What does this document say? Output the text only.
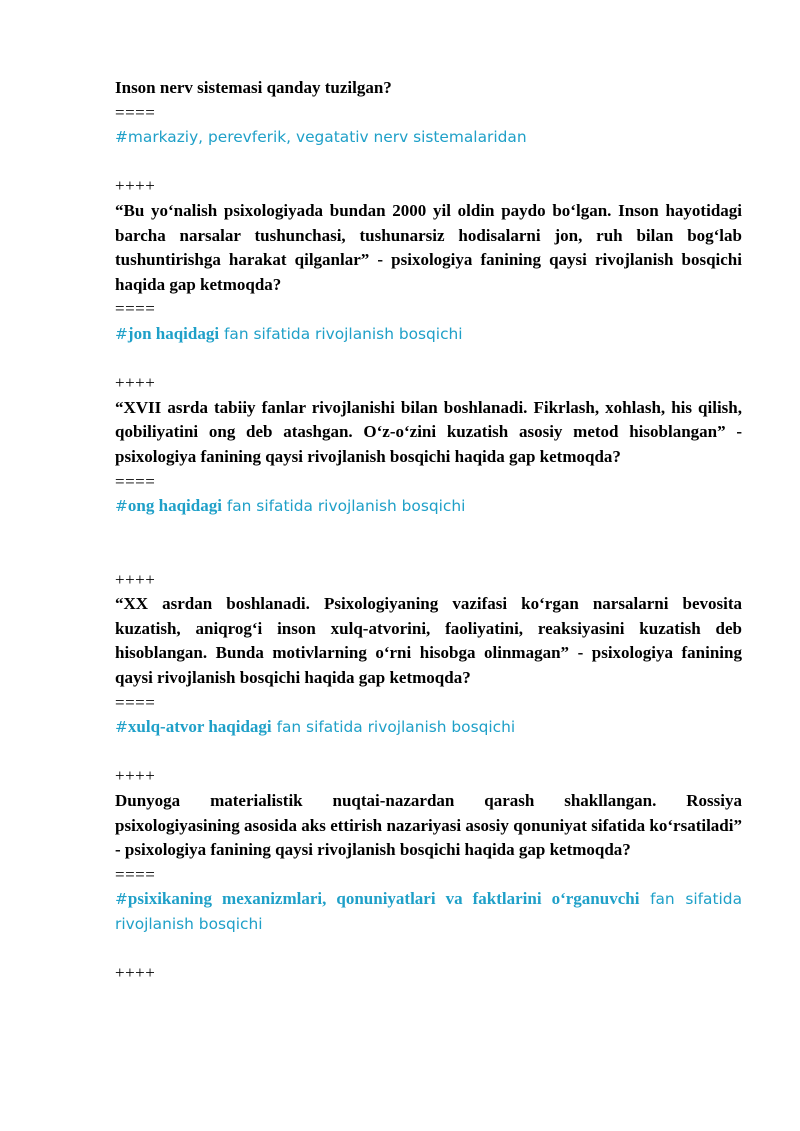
Inson nerv sistemasi qanday tuzilgan?

====

#markaziy, perevferik, vegatativ nerv sistemalaridan

++++

“Bu yo‘nalish psixologiyada bundan 2000 yil oldin paydo bo‘lgan. Inson hayotidagi barcha narsalar tushunchasi, tushunarsiz hodisalarni jon, ruh bilan bog‘lab tushuntirishga harakat qilganlar” - psixologiya fanining qaysi rivojlanish bosqichi haqida gap ketmoqda?

====

#jon haqidagi fan sifatida rivojlanish bosqichi

++++

“XVII asrda tabiiy fanlar rivojlanishi bilan boshlanadi. Fikrlash, xohlash, his qilish, qobiliyatini ong deb atashgan. O‘z-o‘zini kuzatish asosiy metod hisoblangan” - psixologiya fanining qaysi rivojlanish bosqichi haqida gap ketmoqda?

====

#ong haqidagi fan sifatida rivojlanish bosqichi

++++

“XX asrdan boshlanadi. Psixologiyaning vazifasi ko‘rgan narsalarni bevosita kuzatish, aniqrog‘i inson xulq-atvorini, faoliyatini, reaksiyasini kuzatish deb hisoblangan. Bunda motivlarning o‘rni hisobga olinmagan” - psixologiya fanining qaysi rivojlanish bosqichi haqida gap ketmoqda?

====

#xulq-atvor haqidagi fan sifatida rivojlanish bosqichi

++++

Dunyoga materialistik nuqtai-nazardan qarash shakllangan. Rossiya psixologiyasining asosida aks ettirish nazariyasi asosiy qonuniyat sifatida ko‘rsatiladi” - psixologiya fanining qaysi rivojlanish bosqichi haqida gap ketmoqda?

====

#psixikaning mexanizmlari, qonuniyatlari va faktlarini o‘rganuvchi fan sifatida rivojlanish bosqichi

++++
